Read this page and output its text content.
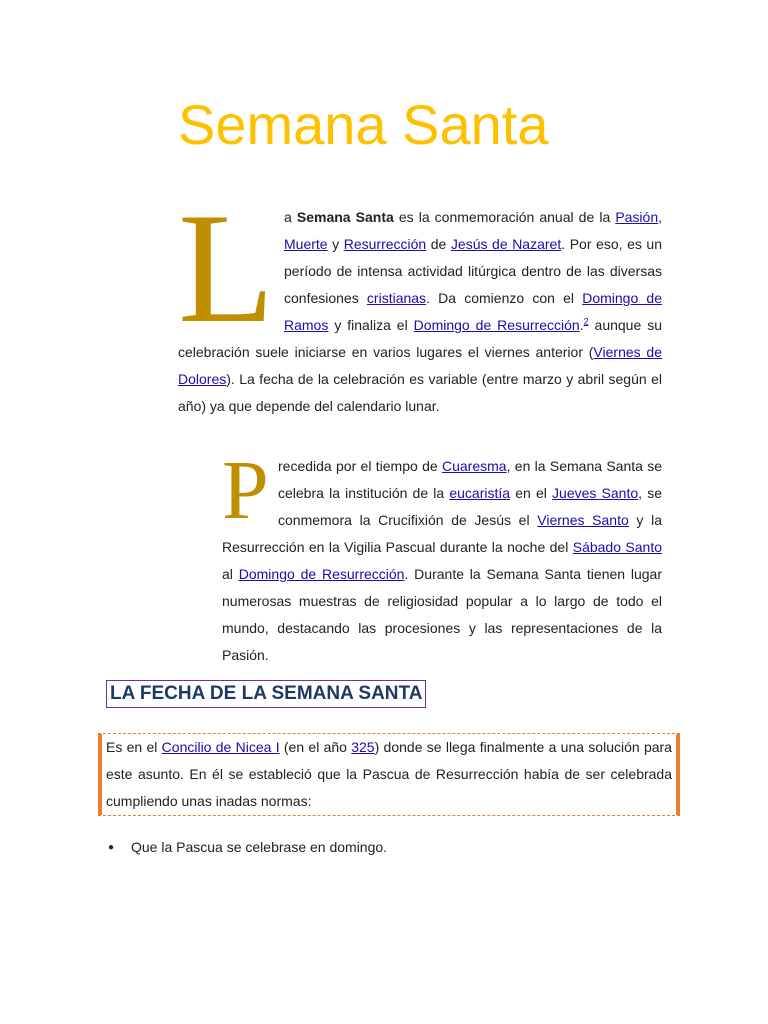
Semana Santa

La Semana Santa es la conmemoración anual de la Pasión, Muerte y Resurrección de Jesús de Nazaret. Por eso, es un período de intensa actividad litúrgica dentro de las diversas confesiones cristianas. Da comienzo con el Domingo de Ramos y finaliza el Domingo de Resurrección.$^2$ aunque su celebración suele iniciarse en varios lugares el viernes anterior (Viernes de Dolores). La fecha de la celebración es variable (entre marzo y abril según el año) ya que depende del calendario lunar.

Precedida por el tiempo de Cuaresma, en la Semana Santa se celebra la institución de la eucaristía en el Jueves Santo, se conmemora la Crucifixión de Jesús el Viernes Santo y la Resurrección en la Vigilia Pascual durante la noche del Sábado Santo al Domingo de Resurrección. Durante la Semana Santa tienen lugar numerosas muestras de religiosidad popular a lo largo de todo el mundo, destacando las procesiones y las representaciones de la Pasión.

LA FECHA DE LA SEMANA SANTA

Es en el Concilio de Nicea I (en el año 325) donde se llega finalmente a una solución para este asunto. En él se estableció que la Pascua de Resurrección había de ser celebrada cumpliendo unas inadas normas:

● Que la Pascua se celebrase en domingo.
